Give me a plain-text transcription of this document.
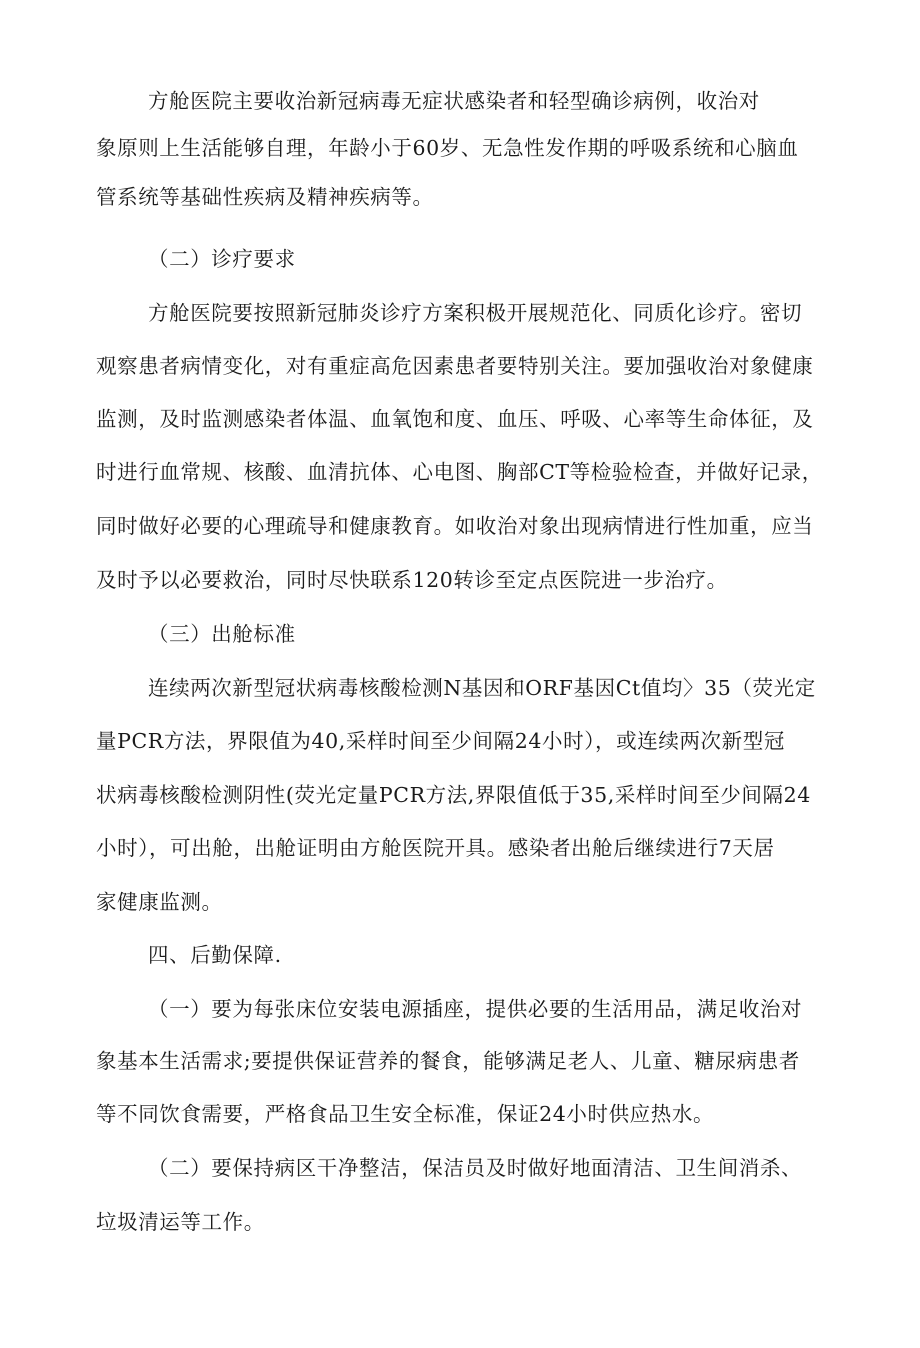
方舱医院主要收治新冠病毒无症状感染者和轻型确诊病例，收治对
象原则上生活能够自理，年龄小于60岁、无急性发作期的呼吸系统和心脑血
管系统等基础性疾病及精神疾病等。
（二）诊疗要求
方舱医院要按照新冠肺炎诊疗方案积极开展规范化、同质化诊疗。密切
观察患者病情变化，对有重症高危因素患者要特别关注。要加强收治对象健康
监测，及时监测感染者体温、血氧饱和度、血压、呼吸、心率等生命体征，及
时进行血常规、核酸、血清抗体、心电图、胸部CT等检验检查，并做好记录，
同时做好必要的心理疏导和健康教育。如收治对象出现病情进行性加重，应当
及时予以必要救治，同时尽快联系120转诊至定点医院进一步治疗。
（三）出舱标准
连续两次新型冠状病毒核酸检测N基因和ORF基因Ct值均〉35（荧光定
量PCR方法，界限值为40,采样时间至少间隔24小时），或连续两次新型冠
状病毒核酸检测阴性(荧光定量PCR方法,界限值低于35,采样时间至少间隔24
小时），可出舱，出舱证明由方舱医院开具。感染者出舱后继续进行7天居
家健康监测。
四、后勤保障.
（一）要为每张床位安装电源插座，提供必要的生活用品，满足收治对
象基本生活需求;要提供保证营养的餐食，能够满足老人、儿童、糖尿病患者
等不同饮食需要，严格食品卫生安全标准，保证24小时供应热水。
（二）要保持病区干净整洁，保洁员及时做好地面清洁、卫生间消杀、
垃圾清运等工作。
